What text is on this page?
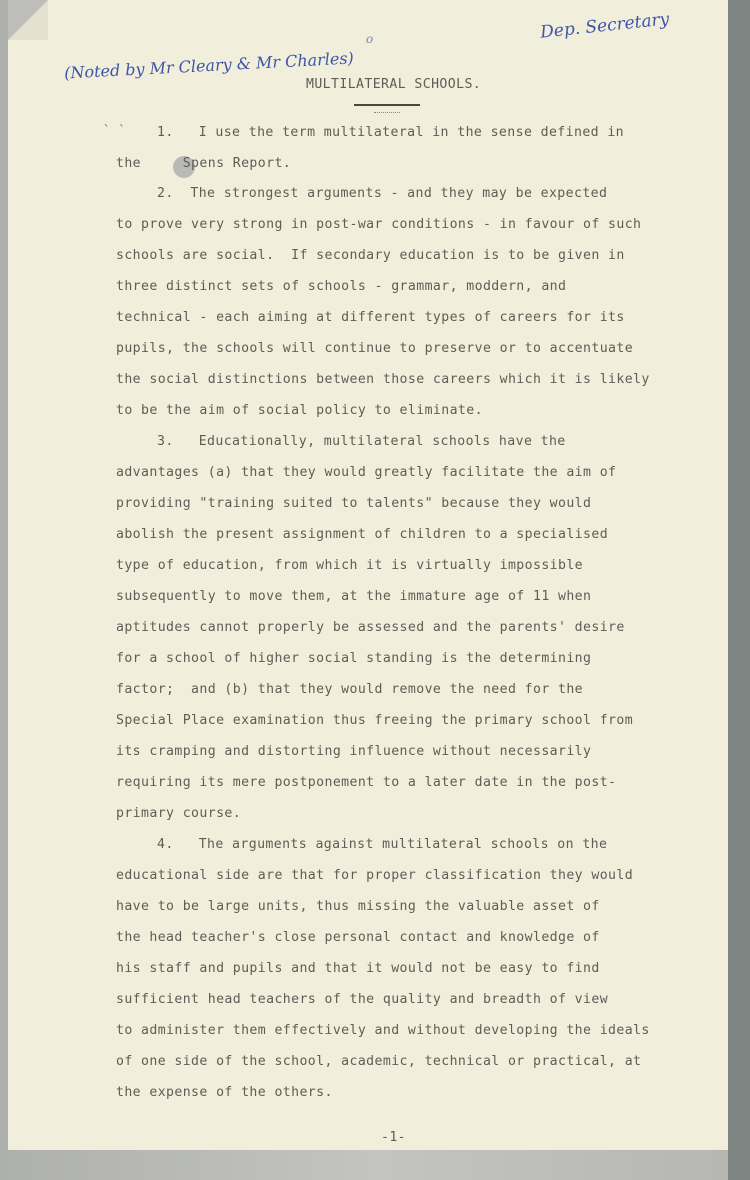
Dep. Secretary
(Noted by Mr Cleary & Mr Charles)
o
MULTILATERAL SCHOOLS.
` ` 1.   I use the term multilateral in the sense defined in
the     Spens Report.
2.  The strongest arguments - and they may be expected
to prove very strong in post-war conditions - in favour of such
schools are social.  If secondary education is to be given in
three distinct sets of schools - grammar, moddern, and
technical - each aiming at different types of careers for its
pupils, the schools will continue to preserve or to accentuate
the social distinctions between those careers which it is likely
to be the aim of social policy to eliminate.
3.   Educationally, multilateral schools have the
advantages (a) that they would greatly facilitate the aim of
providing "training suited to talents" because they would
abolish the present assignment of children to a specialised
type of education, from which it is virtually impossible
subsequently to move them, at the immature age of 11 when
aptitudes cannot properly be assessed and the parents' desire
for a school of higher social standing is the determining
factor;  and (b) that they would remove the need for the
Special Place examination thus freeing the primary school from
its cramping and distorting influence without necessarily
requiring its mere postponement to a later date in the post-
primary course.
4.   The arguments against multilateral schools on the
educational side are that for proper classification they would
have to be large units, thus missing the valuable asset of
the head teacher's close personal contact and knowledge of
his staff and pupils and that it would not be easy to find
sufficient head teachers of the quality and breadth of view
to administer them effectively and without developing the ideals
of one side of the school, academic, technical or practical, at
the expense of the others.
-1-
